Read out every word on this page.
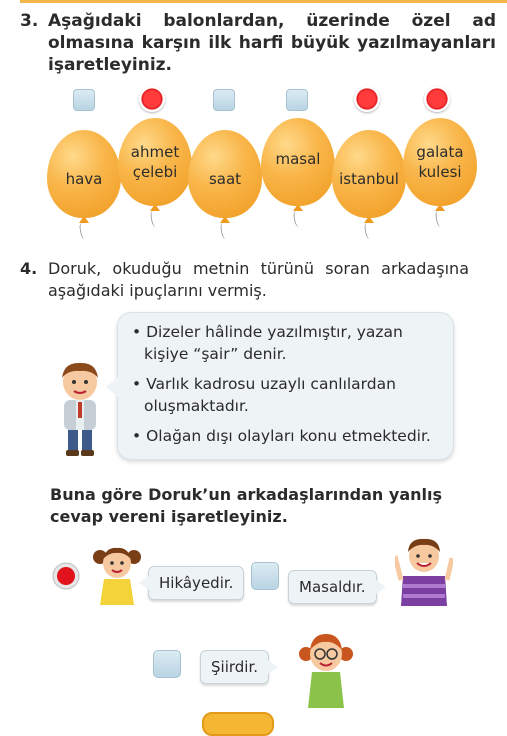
3. Aşağıdaki balonlardan, üzerinde özel ad olmasına karşın ilk harfi büyük yazılmayanları işaretleyiniz.
hava
ahmet
çelebi saat
masal
istanbul
galata
kulesi
4. Doruk, okuduğu metnin türünü soran arkadaşına aşağıdaki ipuçlarını vermiş.

• Dizeler hâlinde yazılmıştır, yazan kişiye “şair” denir.

• Varlık kadrosu uzaylı canlılardan oluşmaktadır.

• Olağan dışı olayları konu etmektedir.

Buna göre Doruk’un arkadaşlarından yanlış cevap vereni işaretleyiniz.
Hikâyedir.	Masaldır.
Şiirdir.
